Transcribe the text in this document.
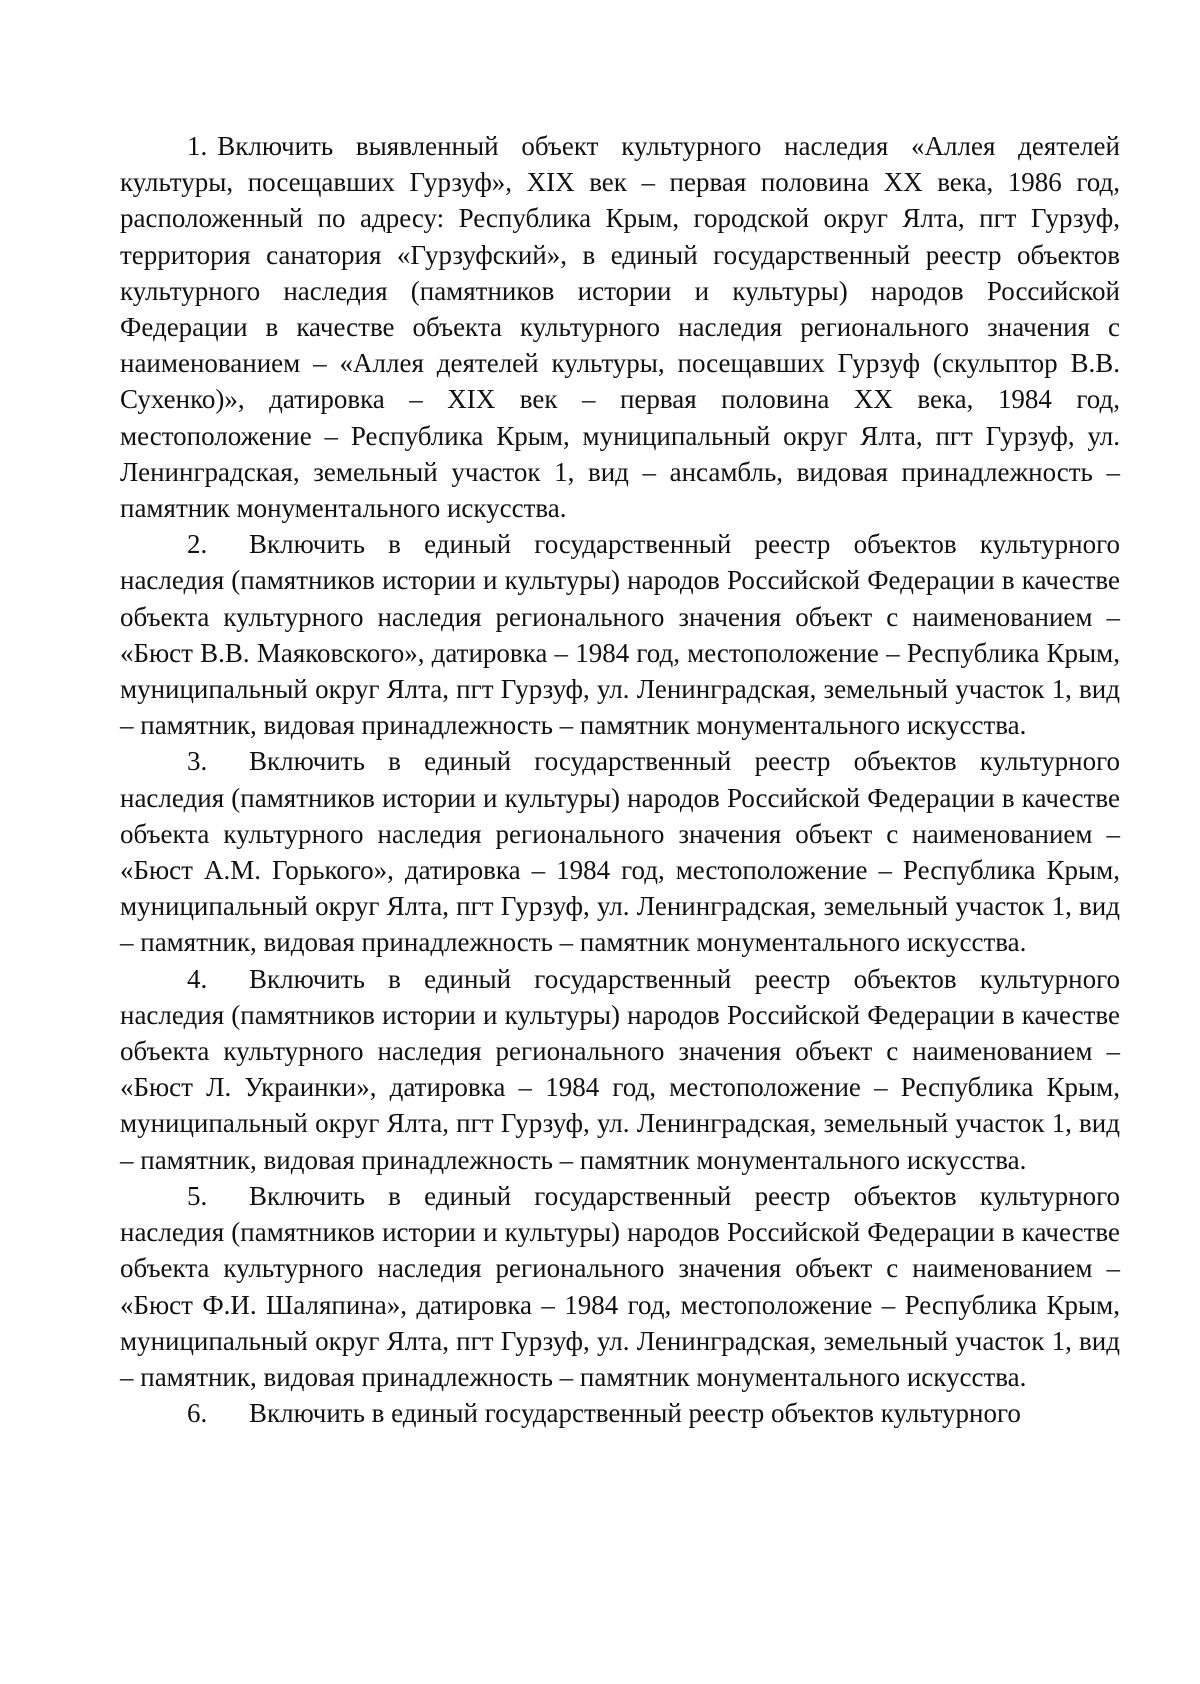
1. Включить выявленный объект культурного наследия «Аллея деятелей культуры, посещавших Гурзуф», XIX век – первая половина XX века, 1986 год, расположенный по адресу: Республика Крым, городской округ Ялта, пгт Гурзуф, территория санатория «Гурзуфский», в единый государственный реестр объектов культурного наследия (памятников истории и культуры) народов Российской Федерации в качестве объекта культурного наследия регионального значения с наименованием – «Аллея деятелей культуры, посещавших Гурзуф (скульптор В.В. Сухенко)», датировка – XIX век – первая половина XX века, 1984 год, местоположение – Республика Крым, муниципальный округ Ялта, пгт Гурзуф, ул. Ленинградская, земельный участок 1, вид – ансамбль, видовая принадлежность – памятник монументального искусства.

2. Включить в единый государственный реестр объектов культурного наследия (памятников истории и культуры) народов Российской Федерации в качестве объекта культурного наследия регионального значения объект с наименованием – «Бюст В.В. Маяковского», датировка – 1984 год, местоположение – Республика Крым, муниципальный округ Ялта, пгт Гурзуф, ул. Ленинградская, земельный участок 1, вид – памятник, видовая принадлежность – памятник монументального искусства.

3. Включить в единый государственный реестр объектов культурного наследия (памятников истории и культуры) народов Российской Федерации в качестве объекта культурного наследия регионального значения объект с наименованием – «Бюст А.М. Горького», датировка – 1984 год, местоположение – Республика Крым, муниципальный округ Ялта, пгт Гурзуф, ул. Ленинградская, земельный участок 1, вид – памятник, видовая принадлежность – памятник монументального искусства.

4. Включить в единый государственный реестр объектов культурного наследия (памятников истории и культуры) народов Российской Федерации в качестве объекта культурного наследия регионального значения объект с наименованием – «Бюст Л. Украинки», датировка – 1984 год, местоположение – Республика Крым, муниципальный округ Ялта, пгт Гурзуф, ул. Ленинградская, земельный участок 1, вид – памятник, видовая принадлежность – памятник монументального искусства.

5. Включить в единый государственный реестр объектов культурного наследия (памятников истории и культуры) народов Российской Федерации в качестве объекта культурного наследия регионального значения объект с наименованием – «Бюст Ф.И. Шаляпина», датировка – 1984 год, местоположение – Республика Крым, муниципальный округ Ялта, пгт Гурзуф, ул. Ленинградская, земельный участок 1, вид – памятник, видовая принадлежность – памятник монументального искусства.

6. Включить в единый государственный реестр объектов культурного
